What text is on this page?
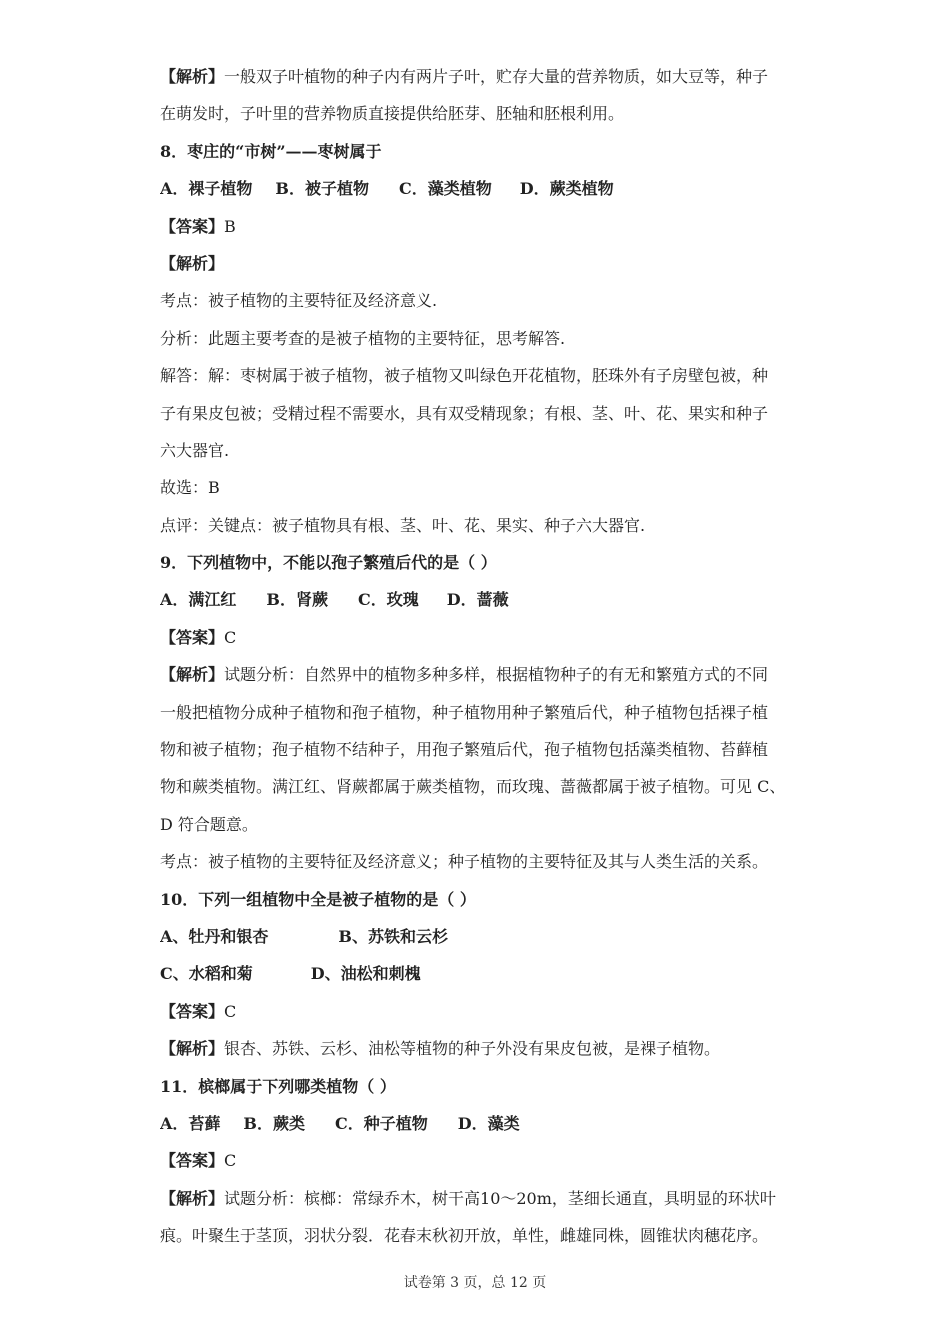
【解析】一般双子叶植物的种子内有两片子叶，贮存大量的营养物质，如大豆等，种子
在萌发时，子叶里的营养物质直接提供给胚芽、胚轴和胚根利用。
8．枣庄的“市树”——枣树属于
A．裸子植物 B．被子植物 C．藻类植物 D．蕨类植物
【答案】B
【解析】
考点：被子植物的主要特征及经济意义.
分析：此题主要考查的是被子植物的主要特征，思考解答.
解答：解：枣树属于被子植物，被子植物又叫绿色开花植物，胚珠外有子房壁包被，种
子有果皮包被；受精过程不需要水，具有双受精现象；有根、茎、叶、花、果实和种子
六大器官.
故选：B
点评：关键点：被子植物具有根、茎、叶、花、果实、种子六大器官.
9．下列植物中，不能以孢子繁殖后代的是（ ）
A．满江红 B．肾蕨 C．玫瑰 D．蔷薇
【答案】C
【解析】试题分析：自然界中的植物多种多样，根据植物种子的有无和繁殖方式的不同
一般把植物分成种子植物和孢子植物，种子植物用种子繁殖后代，种子植物包括裸子植
物和被子植物；孢子植物不结种子，用孢子繁殖后代，孢子植物包括藻类植物、苔藓植
物和蕨类植物。满江红、肾蕨都属于蕨类植物，而玫瑰、蔷薇都属于被子植物。可见 C、
D 符合题意。
考点：被子植物的主要特征及经济意义；种子植物的主要特征及其与人类生活的关系。
10．下列一组植物中全是被子植物的是（ ）
A、牡丹和银杏	B、苏铁和云杉
C、水稻和菊	D、油松和刺槐
【答案】C
【解析】银杏、苏铁、云杉、油松等植物的种子外没有果皮包被，是裸子植物。
11．槟榔属于下列哪类植物（ ）
A．苔藓 B．蕨类 C．种子植物 D．藻类
【答案】C
【解析】试题分析：槟榔：常绿乔木，树干高10～20m，茎细长通直，具明显的环状叶
痕。叶聚生于茎顶，羽状分裂．花春末秋初开放，单性，雌雄同株，圆锥状肉穗花序。
试卷第 3 页，总 12 页
